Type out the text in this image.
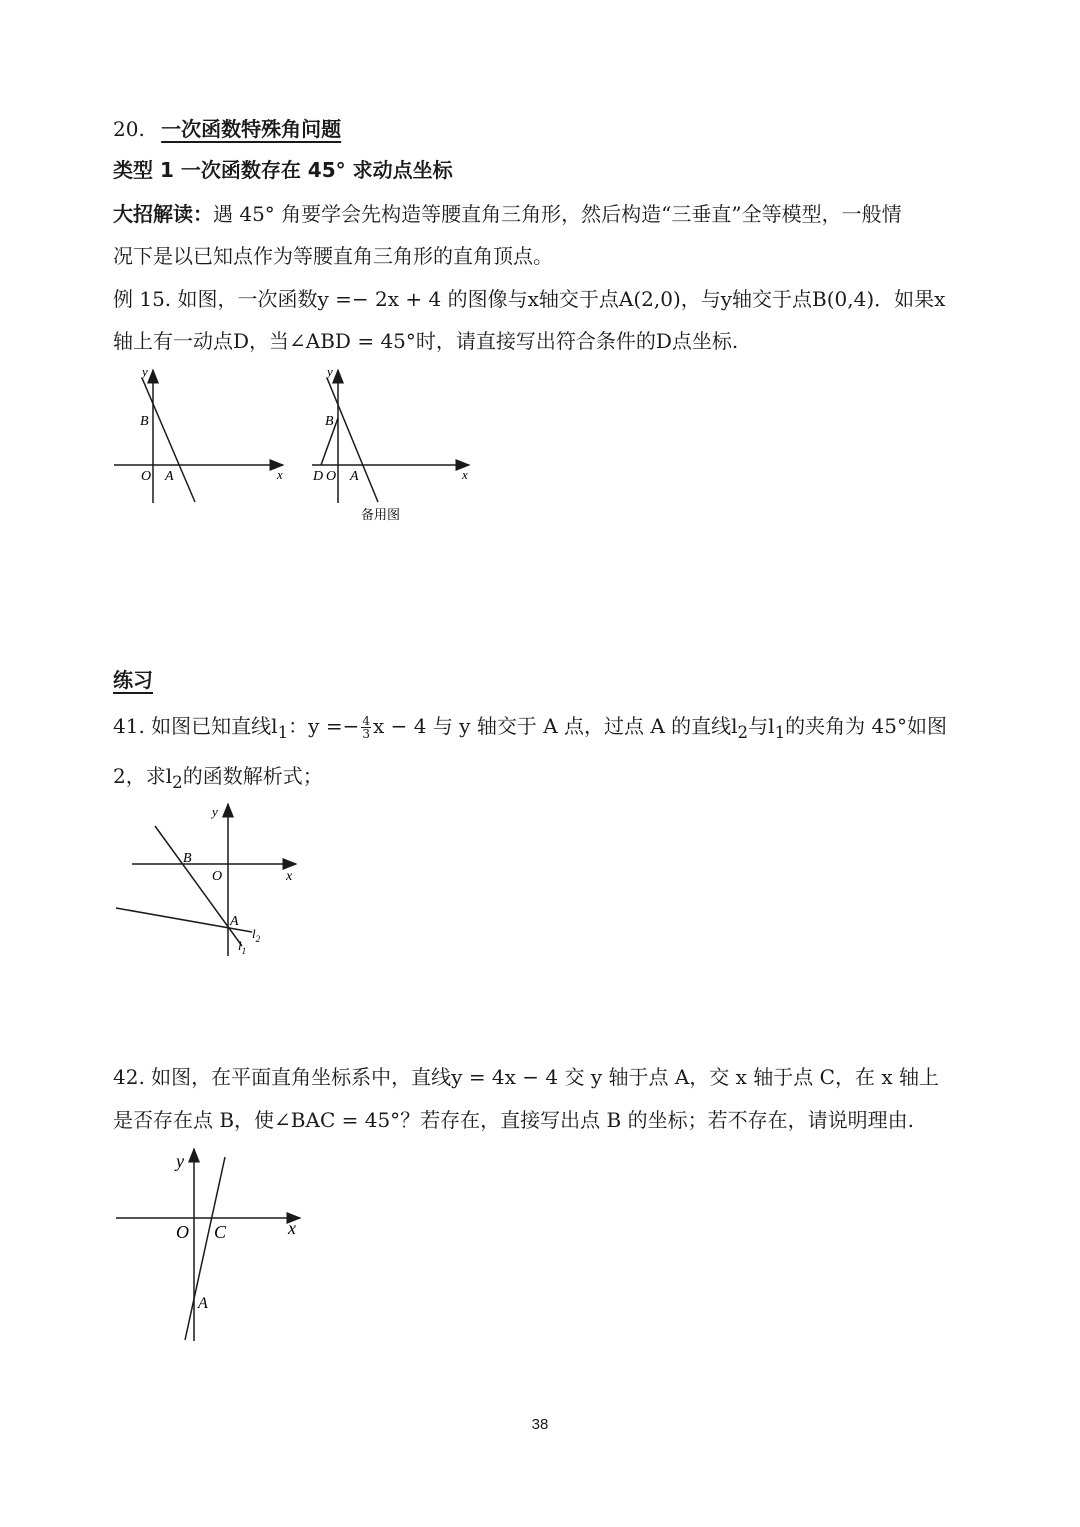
20. 一次函数特殊角问题
类型 1 一次函数存在 45° 求动点坐标
大招解读：遇 45° 角要学会先构造等腰直角三角形，然后构造“三垂直”全等模型，一般情
况下是以已知点作为等腰直角三角形的直角顶点。
例 15. 如图，一次函数y =− 2x + 4 的图像与x轴交于点A(2,0)，与y轴交于点B(0,4)．如果x
轴上有一动点D，当∠ABD = 45°时，请直接写出符合条件的D点坐标.
y
x
B
O A
y
x
B
D O A
备用图
练习
41. 如图已知直线$l_1$：$y =- \frac{4}{3}$ x − 4 与 y 轴交于 A 点，过点 A 的直线$l_2$与$l_1$的夹角为 45°如图
2，求$l_2$的函数解析式；
y
x
B
O
A
$l_2$
$l_1$
42. 如图，在平面直角坐标系中，直线y = 4x − 4 交 y 轴于点 A，交 x 轴于点 C，在 x 轴上
是否存在点 B，使∠BAC = 45°？若存在，直接写出点 B 的坐标；若不存在，请说明理由.
y
x
O C
A
38
